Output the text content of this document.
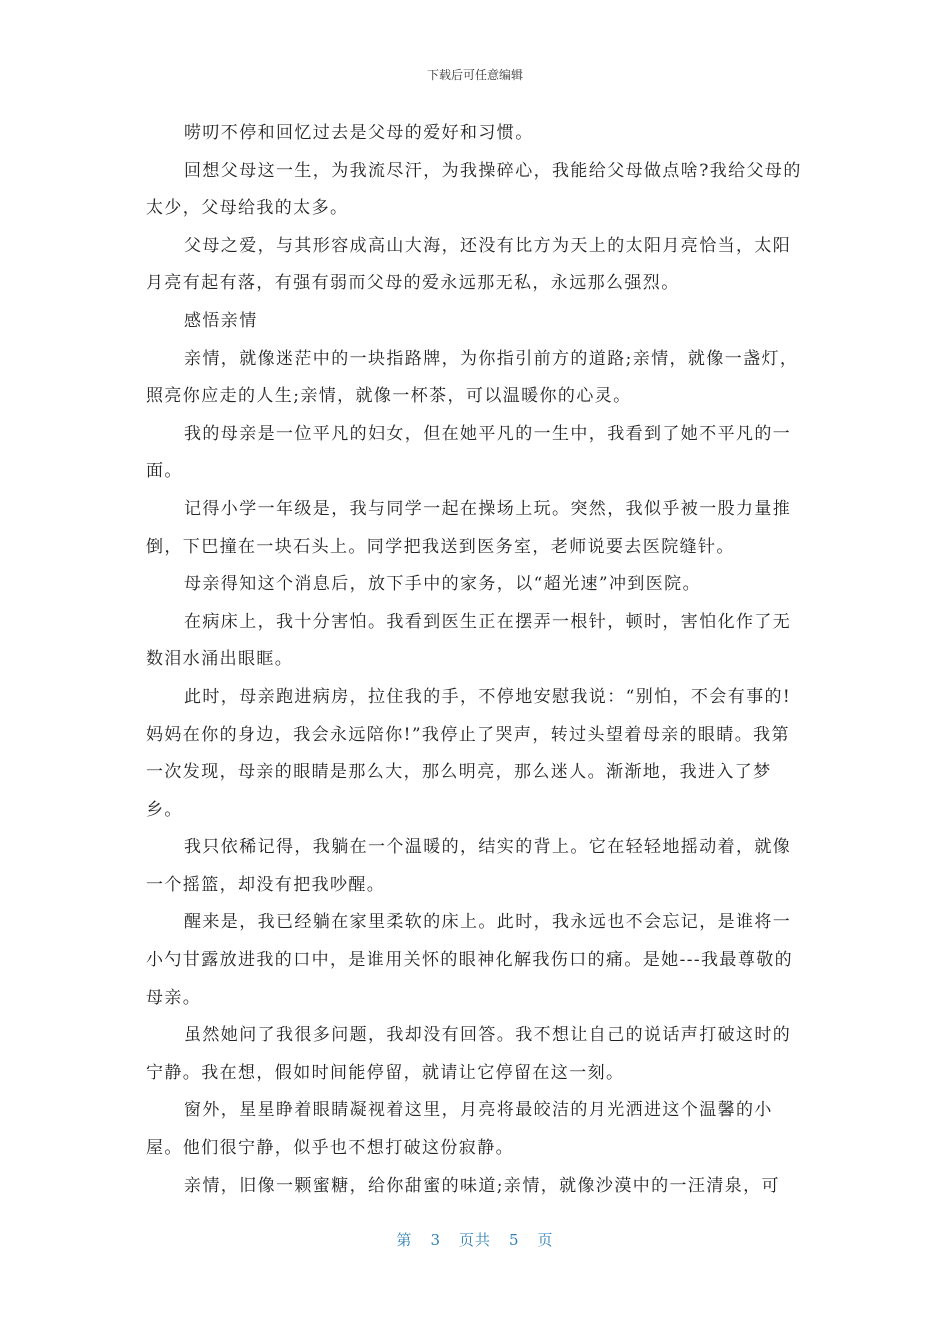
下载后可任意编辑

唠叨不停和回忆过去是父母的爱好和习惯。

回想父母这一生，为我流尽汗，为我操碎心，我能给父母做点啥?我给父母的太少，父母给我的太多。

父母之爱，与其形容成高山大海，还没有比方为天上的太阳月亮恰当，太阳月亮有起有落，有强有弱而父母的爱永远那无私，永远那么强烈。

感悟亲情

亲情，就像迷茫中的一块指路牌，为你指引前方的道路;亲情，就像一盏灯，照亮你应走的人生;亲情，就像一杯茶，可以温暖你的心灵。

我的母亲是一位平凡的妇女，但在她平凡的一生中，我看到了她不平凡的一面。

记得小学一年级是，我与同学一起在操场上玩。突然，我似乎被一股力量推倒，下巴撞在一块石头上。同学把我送到医务室，老师说要去医院缝针。

母亲得知这个消息后，放下手中的家务，以“超光速”冲到医院。

在病床上，我十分害怕。我看到医生正在摆弄一根针，顿时，害怕化作了无数泪水涌出眼眶。

此时，母亲跑进病房，拉住我的手，不停地安慰我说：“别怕，不会有事的!妈妈在你的身边，我会永远陪你!”我停止了哭声，转过头望着母亲的眼睛。我第一次发现，母亲的眼睛是那么大，那么明亮，那么迷人。渐渐地，我进入了梦乡。

我只依稀记得，我躺在一个温暖的，结实的背上。它在轻轻地摇动着，就像一个摇篮，却没有把我吵醒。

醒来是，我已经躺在家里柔软的床上。此时，我永远也不会忘记，是谁将一小勺甘露放进我的口中，是谁用关怀的眼神化解我伤口的痛。是她---我最尊敬的母亲。

虽然她问了我很多问题，我却没有回答。我不想让自己的说话声打破这时的宁静。我在想，假如时间能停留，就请让它停留在这一刻。

窗外，星星睁着眼睛凝视着这里，月亮将最皎洁的月光洒进这个温馨的小屋。他们很宁静，似乎也不想打破这份寂静。

亲情，旧像一颗蜜糖，给你甜蜜的味道;亲情，就像沙漠中的一汪清泉，可

第 3 页共 5 页
